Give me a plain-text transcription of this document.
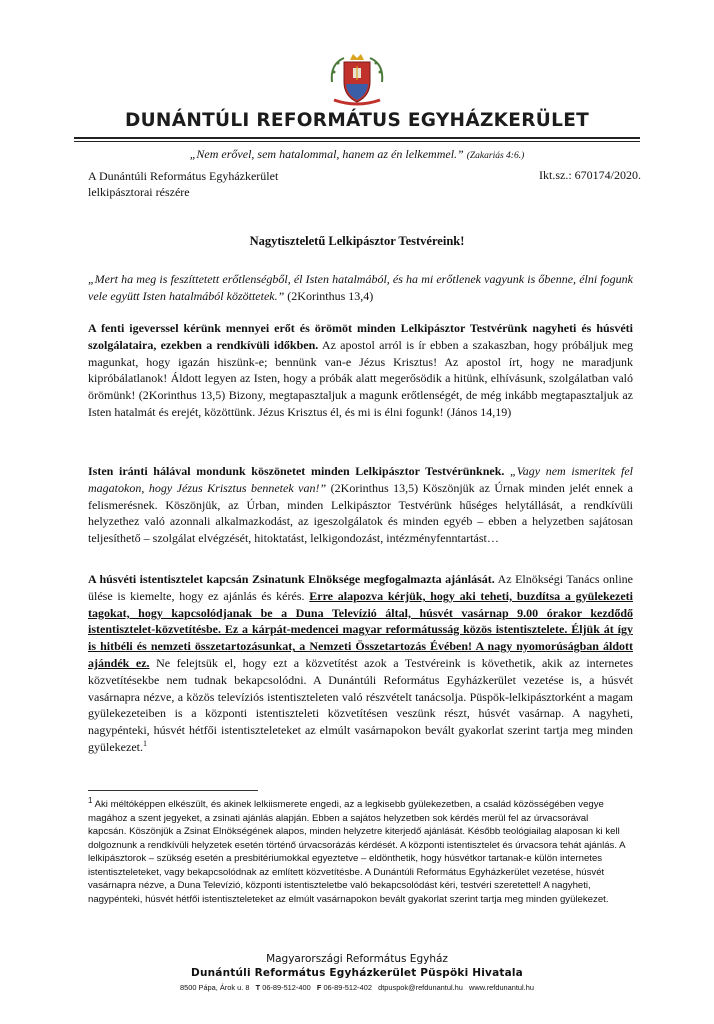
DUNÁNTÚLI REFORMÁTUS EGYHÁZKERÜLET
„Nem erővel, sem hatalommal, hanem az én lelkemmel.” (Zakariás 4:6.)
A Dunántúli Református Egyházkerület
lelkipásztorai részére
Ikt.sz.: 670174/2020.
Nagytiszteletű Lelkipásztor Testvéreink!
„Mert ha meg is feszíttetett erőtlenségből, él Isten hatalmából, és ha mi erőtlenek vagyunk is őbenne, élni fogunk vele együtt Isten hatalmából közöttetek.” (2Korinthus 13,4)
A fenti igeverssel kérünk mennyei erőt és örömöt minden Lelkipásztor Testvérünk nagyheti és húsvéti szolgálataira, ezekben a rendkívüli időkben. Az apostol arról is ír ebben a szakaszban, hogy próbáljuk meg magunkat, hogy igazán hiszünk-e; bennünk van-e Jézus Krisztus! Az apostol írt, hogy ne maradjunk kipróbálatlanok! Áldott legyen az Isten, hogy a próbák alatt megerősödik a hitünk, elhívásunk, szolgálatban való örömünk! (2Korinthus 13,5) Bizony, megtapasztaljuk a magunk erőtlenségét, de még inkább megtapasztaljuk az Isten hatalmát és erejét, közöttünk. Jézus Krisztus él, és mi is élni fogunk! (János 14,19)
Isten iránti hálával mondunk köszönetet minden Lelkipásztor Testvérünknek. „Vagy nem ismeritek fel magatokon, hogy Jézus Krisztus bennetek van!” (2Korinthus 13,5) Köszönjük az Úrnak minden jelét ennek a felismerésnek. Köszönjük, az Úrban, minden Lelkipásztor Testvérünk hűséges helytállását, a rendkívüli helyzethez való azonnali alkalmazkodást, az igeszolgálatok és minden egyéb – ebben a helyzetben sajátosan teljesíthető – szolgálat elvégzését, hitoktatást, lelkigondozást, intézményfenntartást…
A húsvéti istentisztelet kapcsán Zsinatunk Elnöksége megfogalmazta ajánlását. Az Elnökségi Tanács online ülése is kiemelte, hogy ez ajánlás és kérés. Erre alapozva kérjük, hogy aki teheti, buzdítsa a gyülekezeti tagokat, hogy kapcsolódjanak be a Duna Televízió által, húsvét vasárnap 9.00 órakor kezdődő istentisztelet-közvetítésbe. Ez a kárpát-medencei magyar reformátusság közös istentisztelete. Éljük át így is hitbéli és nemzeti összetartozásunkat, a Nemzeti Összetartozás Évében! A nagy nyomorúságban áldott ajándék ez. Ne felejtsük el, hogy ezt a közvetítést azok a Testvéreink is követhetik, akik az internetes közvetítésekbe nem tudnak bekapcsolódni. A Dunántúli Református Egyházkerület vezetése is, a húsvét vasárnapra nézve, a közös televíziós istentiszteleten való részvételt tanácsolja. Püspök-lelkipásztorként a magam gyülekezeteiben is a központi istentiszteleti közvetítésen veszünk részt, húsvét vasárnap. A nagyheti, nagypénteki, húsvét hétfői istentiszteleteket az elmúlt vasárnapokon bevált gyakorlat szerint tartja meg minden gyülekezet.$^1$
$^1$ Aki méltóképpen elkészült, és akinek lelkiismerete engedi, az a legkisebb gyülekezetben, a család közösségében vegye magához a szent jegyeket, a zsinati ajánlás alapján. Ebben a sajátos helyzetben sok kérdés merül fel az úrvacsorával kapcsán. Köszönjük a Zsinat Elnökségének alapos, minden helyzetre kiterjedő ajánlását. Később teológiailag alaposan ki kell dolgoznunk a rendkívüli helyzetek esetén történő úrvacsorázás kérdését. A központi istentisztelet és úrvacsora tehát ajánlás. A lelkipásztorok – szükség esetén a presbitériumokkal egyeztetve – eldönthetik, hogy húsvétkor tartanak-e külön internetes istentiszteleteket, vagy bekapcsolódnak az említett közvetítésbe. A Dunántúli Református Egyházkerület vezetése, húsvét vasárnapra nézve, a Duna Televízió, központi istentiszteletbe való bekapcsolódást kéri, testvéri szeretettel! A nagyheti, nagypénteki, húsvét hétfői istentiszteleteket az elmúlt vasárnapokon bevált gyakorlat szerint tartja meg minden gyülekezet.
Magyarországi Református Egyház
Dunántúli Református Egyházkerület Püspöki Hivatala
8500 Pápa, Árok u. 8 T 06-89-512-400 F 06-89-512-402 dtpuspok@refdunantul.hu www.refdunantul.hu
